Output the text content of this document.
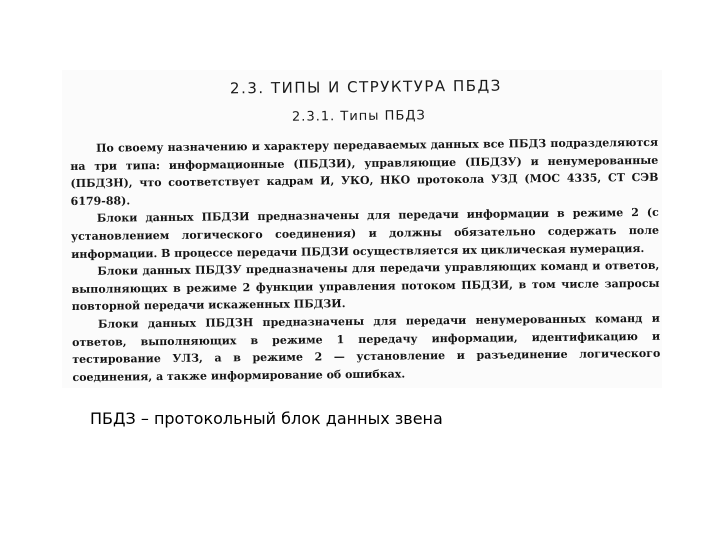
2.3. ТИПЫ И СТРУКТУРА ПБДЗ
2.3.1. Типы ПБДЗ

По своему назначению и характеру передаваемых данных все ПБДЗ подразделяются на три типа: информационные (ПБДЗИ), управляющие (ПБДЗУ) и ненумерованные (ПБДЗН), что соответствует кадрам И, УКО, НКО протокола УЗД (МОС 4335, СТ СЭВ 6179-88).

Блоки данных ПБДЗИ предназначены для передачи информации в режиме 2 (с установлением логического соединения) и должны обязательно содержать поле информации. В процессе передачи ПБДЗИ осуществляется их циклическая нумерация.

Блоки данных ПБДЗУ предназначены для передачи управляющих команд и ответов, выполняющих в режиме 2 функции управления потоком ПБДЗИ, в том числе запросы повторной передачи искаженных ПБДЗИ.

Блоки данных ПБДЗН предназначены для передачи ненумерованных команд и ответов, выполняющих в режиме 1 передачу информации, идентификацию и тестирование УЛЗ, а в режиме 2 — установление и разъединение логического соединения, а также информирование об ошибках.

ПБДЗ – протокольный блок данных звена
